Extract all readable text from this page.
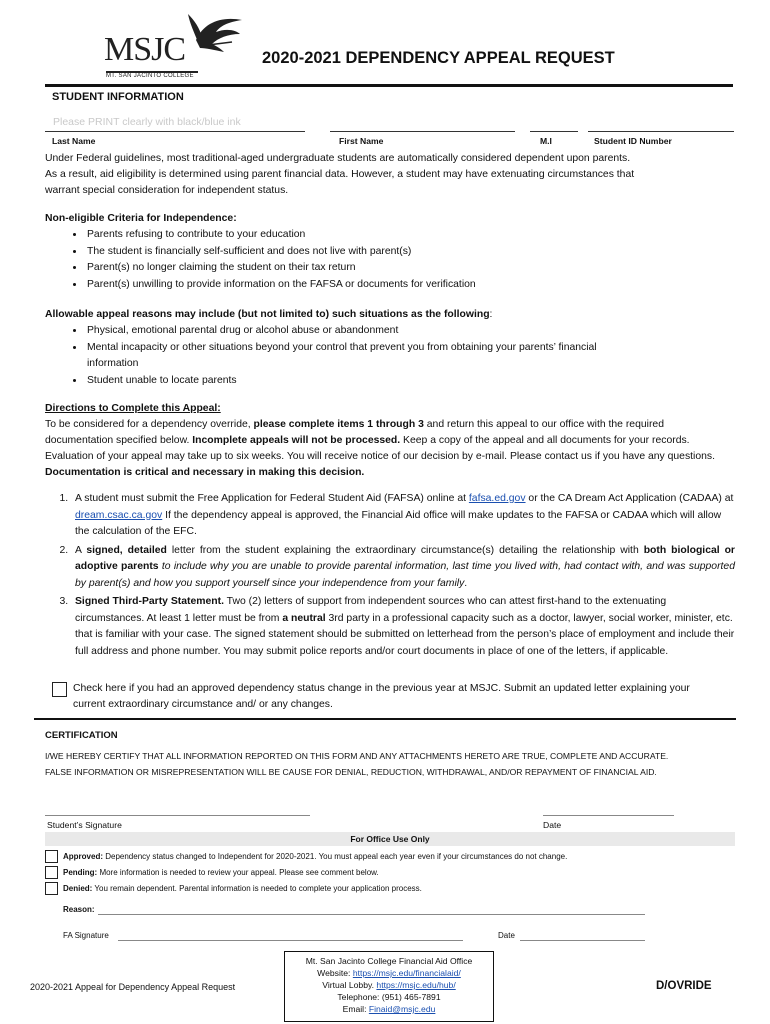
MSJC
MT. SAN JACINTO COLLEGE
2020-2021 DEPENDENCY APPEAL REQUEST
STUDENT INFORMATION
Please PRINT clearly with black/blue ink
Last Name	First Name	M.I	Student ID Number
Under Federal guidelines, most traditional-aged undergraduate students are automatically considered dependent upon parents.
As a result, aid eligibility is determined using parent financial data. However, a student may have extenuating circumstances that
warrant special consideration for independent status.
Non-eligible Criteria for Independence:
• Parents refusing to contribute to your education
• The student is financially self-sufficient and does not live with parent(s)
• Parent(s) no longer claiming the student on their tax return
• Parent(s) unwilling to provide information on the FAFSA or documents for verification
Allowable appeal reasons may include (but not limited to) such situations as the following:
• Physical, emotional parental drug or alcohol abuse or abandonment
• Mental incapacity or other situations beyond your control that prevent you from obtaining your parents’ financial information
• Student unable to locate parents
Directions to Complete this Appeal:
To be considered for a dependency override, please complete items 1 through 3 and return this appeal to our office with the required documentation specified below. Incomplete appeals will not be processed. Keep a copy of the appeal and all documents for your records. Evaluation of your appeal may take up to six weeks. You will receive notice of our decision by e-mail. Please contact us if you have any questions. Documentation is critical and necessary in making this decision.
1. A student must submit the Free Application for Federal Student Aid (FAFSA) online at fafsa.ed.gov or the CA Dream Act Application (CADAA) at dream.csac.ca.gov If the dependency appeal is approved, the Financial Aid office will make updates to the FAFSA or CADAA which will allow the calculation of the EFC.
2. A signed, detailed letter from the student explaining the extraordinary circumstance(s) detailing the relationship with both biological or adoptive parents to include why you are unable to provide parental information, last time you lived with, had contact with, and was supported by parent(s) and how you support yourself since your independence from your family.
3. Signed Third-Party Statement. Two (2) letters of support from independent sources who can attest first-hand to the extenuating circumstances. At least 1 letter must be from a neutral 3rd party in a professional capacity such as a doctor, lawyer, social worker, minister, etc. that is familiar with your case. The signed statement should be submitted on letterhead from the person’s place of employment and include their full address and phone number. You may submit police reports and/or court documents in place of one of the letters, if applicable.
Check here if you had an approved dependency status change in the previous year at MSJC. Submit an updated letter explaining your current extraordinary circumstance and/ or any changes.
CERTIFICATION
I/WE HEREBY CERTIFY THAT ALL INFORMATION REPORTED ON THIS FORM AND ANY ATTACHMENTS HERETO ARE TRUE, COMPLETE AND ACCURATE.
FALSE INFORMATION OR MISREPRESENTATION WILL BE CAUSE FOR DENIAL, REDUCTION, WITHDRAWAL, AND/OR REPAYMENT OF FINANCIAL AID.
Student’s Signature	Date
For Office Use Only
Approved: Dependency status changed to Independent for 2020-2021. You must appeal each year even if your circumstances do not change.
Pending: More information is needed to review your appeal. Please see comment below.
Denied: You remain dependent. Parental information is needed to complete your application process.
Reason:
FA Signature	Date
2020-2021 Appeal for Dependency Appeal Request
Mt. San Jacinto College Financial Aid Office
Website: https://msjc.edu/financialaid/
Virtual Lobby. https://msjc.edu/hub/
Telephone: (951) 465-7891
Email: Finaid@msjc.edu
D/OVRIDE
